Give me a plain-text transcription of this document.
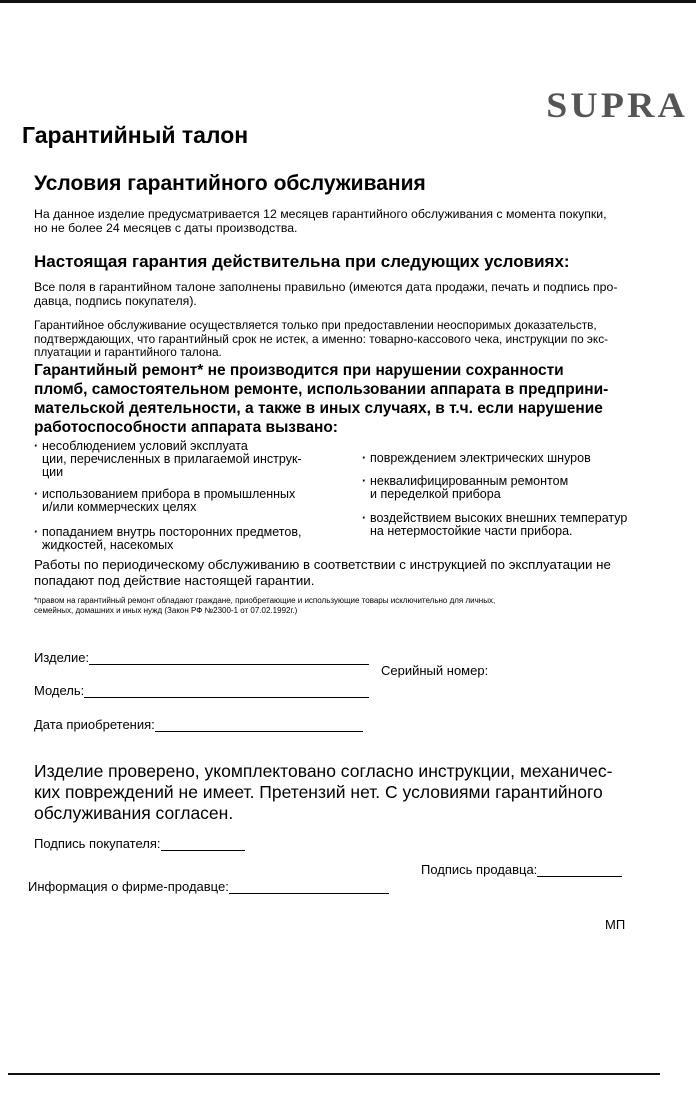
SUPRA
Гарантийный талон
Условия гарантийного обслуживания
На данное изделие предусматривается 12 месяцев гарантийного обслуживания с момента покупки,
но не более 24 месяцев с даты производства.
Настоящая гарантия действительна при следующих условиях:
Все поля в гарантийном талоне заполнены правильно (имеются дата продажи, печать и подпись про-
давца, подпись покупателя).
Гарантийное обслуживание осуществляется только при предоставлении неоспоримых доказательств,
подтверждающих, что гарантийный срок не истек, а именно: товарно-кассового чека, инструкции по экс-
плуатации и гарантийного талона.
Гарантийный ремонт* не производится при нарушении сохранности
пломб, самостоятельном ремонте, использовании аппарата в предприни-
мательской деятельности, а также в иных случаях, в т.ч. если нарушение
работоспособности аппарата вызвано:
· несоблюдением условий эксплуата
ции, перечисленных в прилагаемой инструк-
ции
· использованием прибора в промышленных
и/или коммерческих целях
· попаданием внутрь посторонних предметов,
жидкостей, насекомых
· повреждением электрических шнуров
· неквалифицированным ремонтом
и переделкой прибора
· воздействием высоких внешних температур
на нетермостойкие части прибора.
Работы по периодическому обслуживанию в соответствии с инструкцией по эксплуатации не
попадают под действие настоящей гарантии.
*правом на гарантийный ремонт обладают граждане, приобретающие и использующие товары исключительно для личных,
семейных, домашних и иных нужд (Закон РФ №2300-1 от 07.02.1992г.)
Изделие:
Серийный номер:
Модель:
Дата приобретения:
Изделие проверено, укомплектовано согласно инструкции, механичес-
ких повреждений не имеет. Претензий нет. С условиями гарантийного
обслуживания согласен.
Подпись покупателя:
Подпись продавца:
Информация о фирме-продавце:
МП
